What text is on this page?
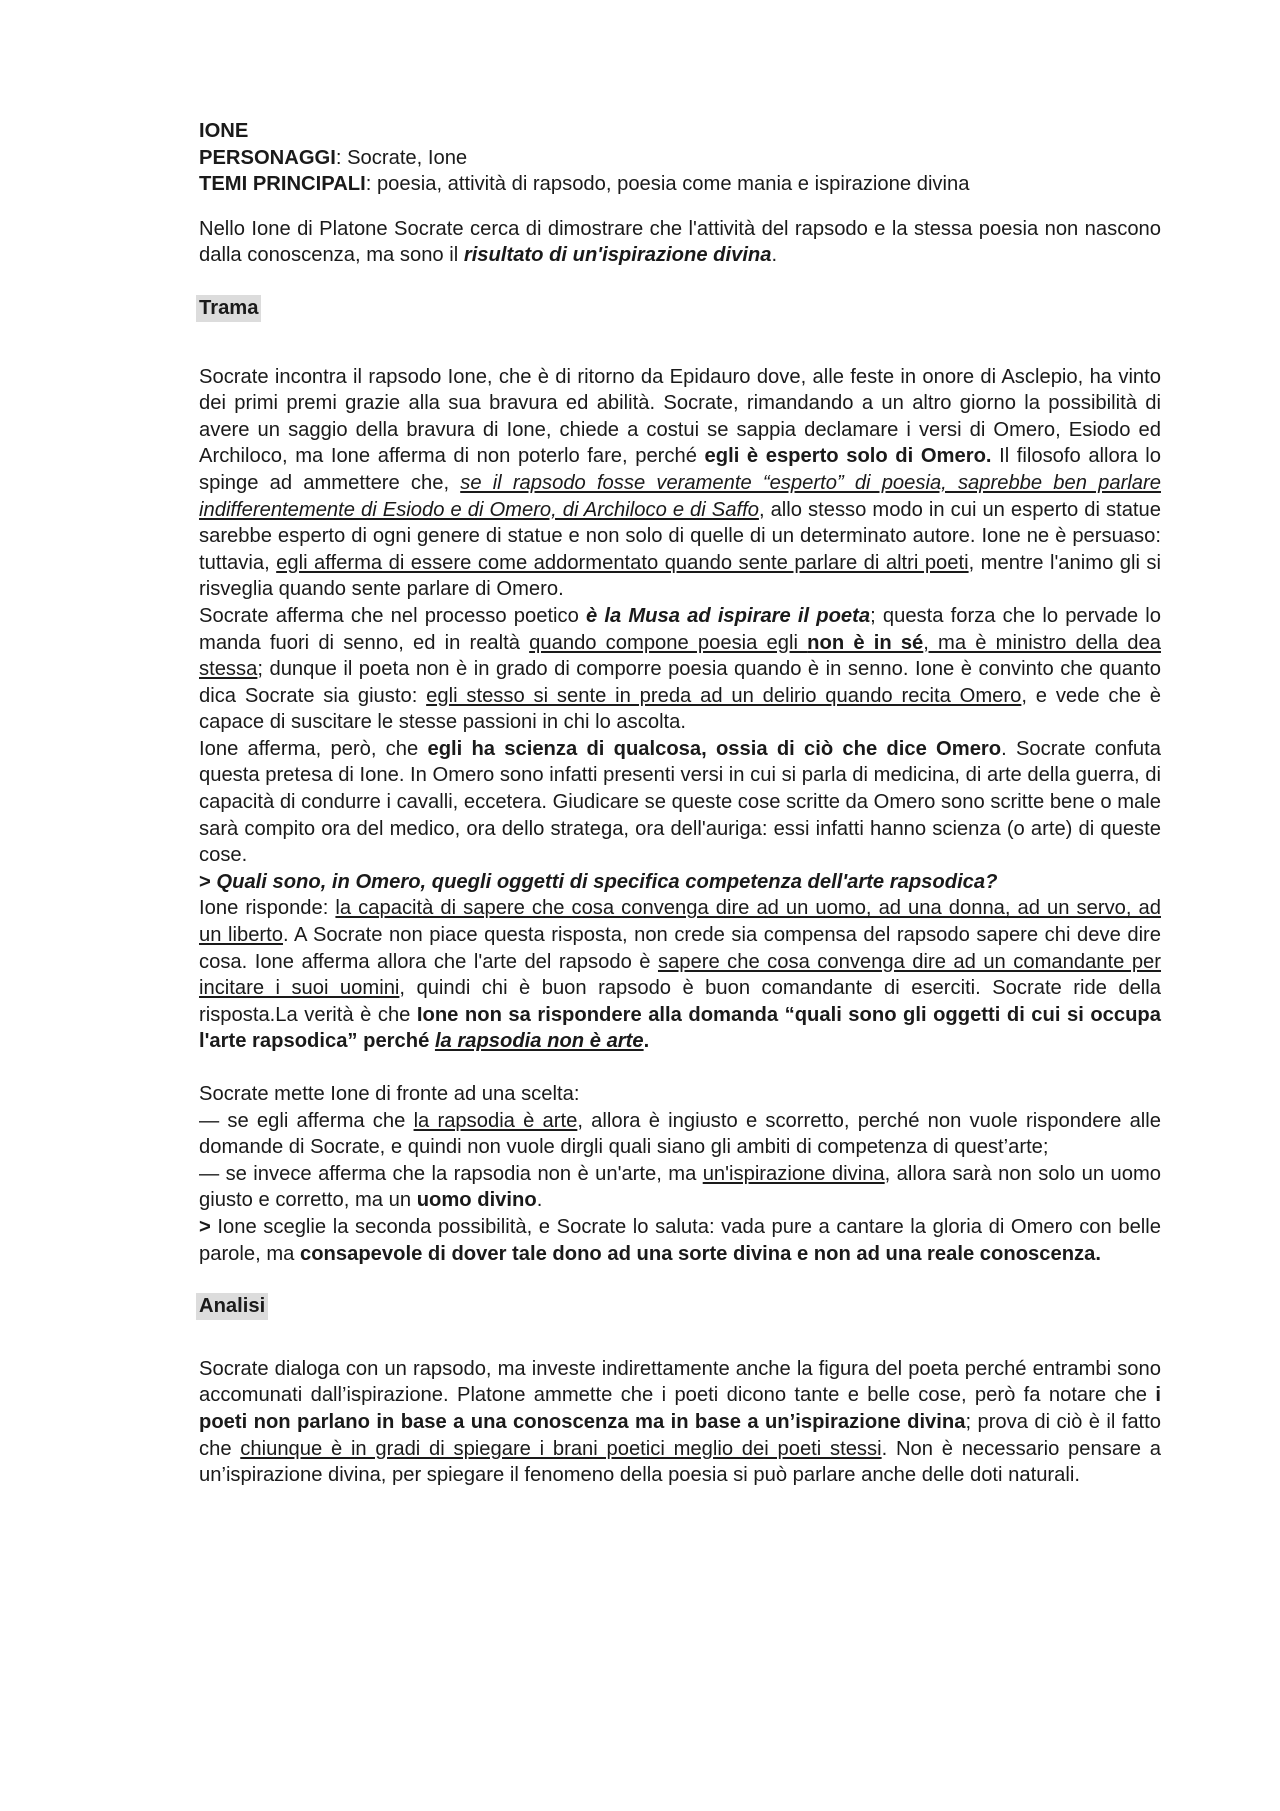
IONE

PERSONAGGI: Socrate, Ione

TEMI PRINCIPALI: poesia, attività di rapsodo, poesia come mania e ispirazione divina

Nello Ione di Platone Socrate cerca di dimostrare che l'attività del rapsodo e la stessa poesia non nascono dalla conoscenza, ma sono il risultato di un'ispirazione divina.

Trama

Socrate incontra il rapsodo Ione, che è di ritorno da Epidauro dove, alle feste in onore di Asclepio, ha vinto dei primi premi grazie alla sua bravura ed abilità. Socrate, rimandando a un altro giorno la possibilità di avere un saggio della bravura di Ione, chiede a costui se sappia declamare i versi di Omero, Esiodo ed Archiloco, ma Ione afferma di non poterlo fare, perché egli è esperto solo di Omero. Il filosofo allora lo spinge ad ammettere che, se il rapsodo fosse veramente “esperto” di poesia, saprebbe ben parlare indifferentemente di Esiodo e di Omero, di Archiloco e di Saffo, allo stesso modo in cui un esperto di statue sarebbe esperto di ogni genere di statue e non solo di quelle di un determinato autore. Ione ne è persuaso: tuttavia, egli afferma di essere come addormentato quando sente parlare di altri poeti, mentre l'animo gli si risveglia quando sente parlare di Omero.

Socrate afferma che nel processo poetico è la Musa ad ispirare il poeta; questa forza che lo pervade lo manda fuori di senno, ed in realtà quando compone poesia egli non è in sé, ma è ministro della dea stessa; dunque il poeta non è in grado di comporre poesia quando è in senno. Ione è convinto che quanto dica Socrate sia giusto: egli stesso si sente in preda ad un delirio quando recita Omero, e vede che è capace di suscitare le stesse passioni in chi lo ascolta.

Ione afferma, però, che egli ha scienza di qualcosa, ossia di ciò che dice Omero. Socrate confuta questa pretesa di Ione. In Omero sono infatti presenti versi in cui si parla di medicina, di arte della guerra, di capacità di condurre i cavalli, eccetera. Giudicare se queste cose scritte da Omero sono scritte bene o male sarà compito ora del medico, ora dello stratega, ora dell'auriga: essi infatti hanno scienza (o arte) di queste cose.

> Quali sono, in Omero, quegli oggetti di specifica competenza dell'arte rapsodica?
Ione risponde: la capacità di sapere che cosa convenga dire ad un uomo, ad una donna, ad un servo, ad un liberto. A Socrate non piace questa risposta, non crede sia compensa del rapsodo sapere chi deve dire cosa. Ione afferma allora che l'arte del rapsodo è sapere che cosa convenga dire ad un comandante per incitare i suoi uomini, quindi chi è buon rapsodo è buon comandante di eserciti. Socrate ride della risposta.La verità è che Ione non sa rispondere alla domanda “quali sono gli oggetti di cui si occupa l'arte rapsodica” perché la rapsodia non è arte.

Socrate mette Ione di fronte ad una scelta:

— se egli afferma che la rapsodia è arte, allora è ingiusto e scorretto, perché non vuole rispondere alle domande di Socrate, e quindi non vuole dirgli quali siano gli ambiti di competenza di quest’arte;

— se invece afferma che la rapsodia non è un'arte, ma un'ispirazione divina, allora sarà non solo un uomo giusto e corretto, ma un uomo divino.

> Ione sceglie la seconda possibilità, e Socrate lo saluta: vada pure a cantare la gloria di Omero con belle parole, ma consapevole di dover tale dono ad una sorte divina e non ad una reale conoscenza.

Analisi

Socrate dialoga con un rapsodo, ma investe indirettamente anche la figura del poeta perché entrambi sono accomunati dall’ispirazione. Platone ammette che i poeti dicono tante e belle cose, però fa notare che i poeti non parlano in base a una conoscenza ma in base a un’ispirazione divina; prova di ciò è il fatto che chiunque è in gradi di spiegare i brani poetici meglio dei poeti stessi. Non è necessario pensare a un’ispirazione divina, per spiegare il fenomeno della poesia si può parlare anche delle doti naturali.
